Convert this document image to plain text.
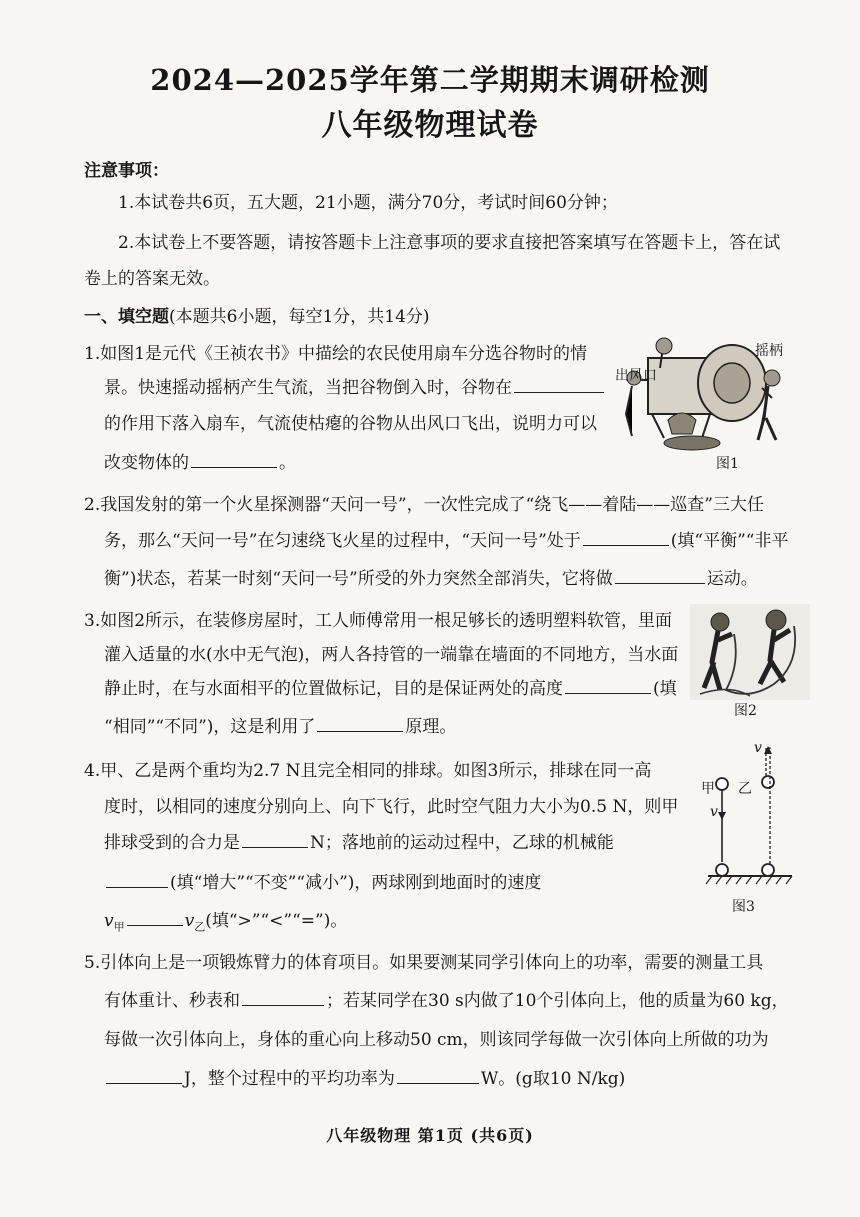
2024—2025学年第二学期期末调研检测
八年级物理试卷
注意事项：
1.本试卷共6页，五大题，21小题，满分70分，考试时间60分钟；
2.本试卷上不要答题，请按答题卡上注意事项的要求直接把答案填写在答题卡上，答在试
卷上的答案无效。
一、填空题(本题共6小题，每空1分，共14分)
1.如图1是元代《王祯农书》中描绘的农民使用扇车分选谷物时的情
景。快速摇动摇柄产生气流，当把谷物倒入时，谷物在
的作用下落入扇车，气流使枯瘪的谷物从出风口飞出，说明力可以
改变物体的	。
出风口
摇柄
图1
2.我国发射的第一个火星探测器“天问一号”，一次性完成了“绕飞——着陆——巡查”三大任
务，那么“天问一号”在匀速绕飞火星的过程中，“天问一号”处于	(填“平衡”“非平
衡”)状态，若某一时刻“天问一号”所受的外力突然全部消失，它将做	运动。
3.如图2所示，在装修房屋时，工人师傅常用一根足够长的透明塑料软管，里面
灌入适量的水(水中无气泡)，两人各持管的一端靠在墙面的不同地方，当水面
静止时，在与水面相平的位置做标记，目的是保证两处的高度	(填
“相同”“不同”)，这是利用了	原理。
图2
4.甲、乙是两个重均为2.7 N且完全相同的排球。如图3所示，排球在同一高
度时，以相同的速度分别向上、向下飞行，此时空气阻力大小为0.5 N，则甲
排球受到的合力是	N；落地前的运动过程中，乙球的机械能
(填“增大”“不变”“减小”)，两球刚到地面时的速度
$v_甲$	$v_乙$(填“>”“<”“=”)。
甲 乙
v
v
图3
5.引体向上是一项锻炼臂力的体育项目。如果要测某同学引体向上的功率，需要的测量工具
有体重计、秒表和	；若某同学在30 s内做了10个引体向上，他的质量为60 kg，
每做一次引体向上，身体的重心向上移动50 cm，则该同学每做一次引体向上所做的功为
J，整个过程中的平均功率为	W。(g取10 N/kg)
八年级物理 第1页 (共6页)
